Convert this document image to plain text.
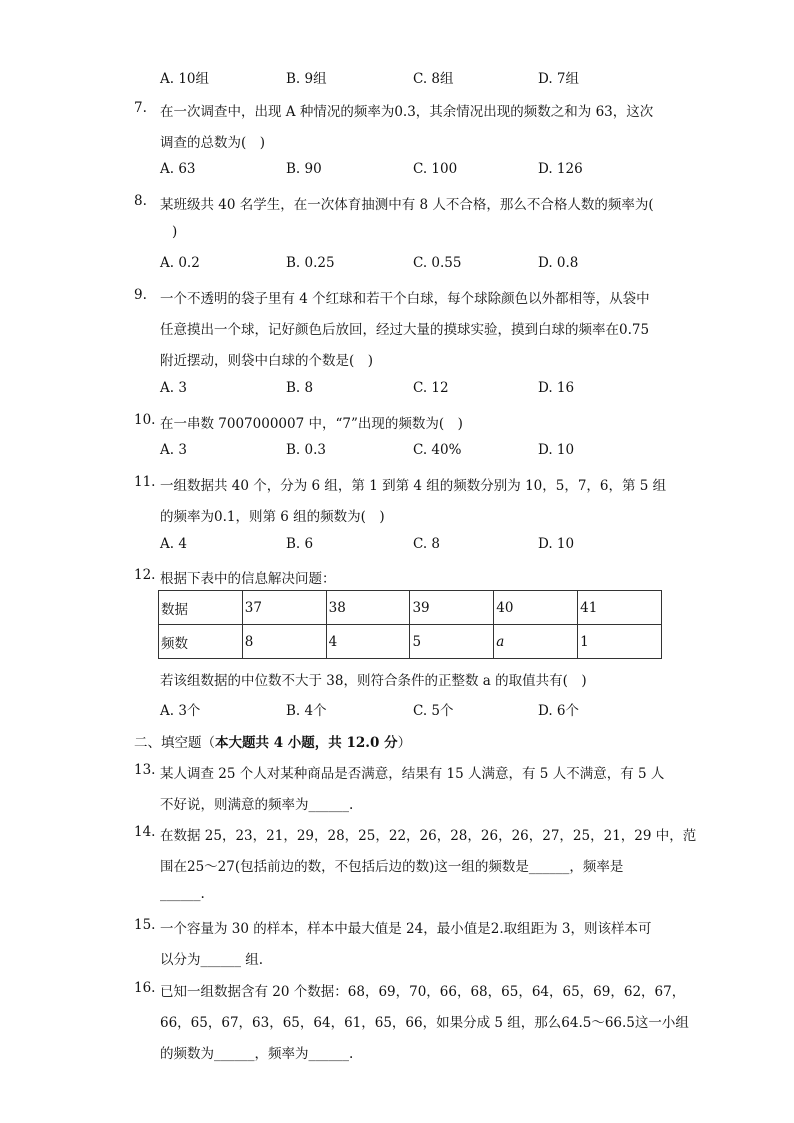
A. 10组	B. 9组	C. 8组	D. 7组
7. 在一次调查中，出现 A 种情况的频率为0.3，其余情况出现的频数之和为 63，这次
调查的总数为(　)
A. 63	B. 90	C. 100	D. 126
8. 某班级共 40 名学生，在一次体育抽测中有 8 人不合格，那么不合格人数的频率为(
)
A. 0.2	B. 0.25	C. 0.55	D. 0.8
9. 一个不透明的袋子里有 4 个红球和若干个白球，每个球除颜色以外都相等，从袋中
任意摸出一个球，记好颜色后放回，经过大量的摸球实验，摸到白球的频率在0.75
附近摆动，则袋中白球的个数是(　)
A. 3	B. 8	C. 12	D. 16
10. 在一串数 7007000007 中，“7”出现的频数为(　)
A. 3	B. 0.3	C. 40%	D. 10
11. 一组数据共 40 个，分为 6 组，第 1 到第 4 组的频数分别为 10，5，7，6，第 5 组
的频率为0.1，则第 6 组的频数为(　)
A. 4	B. 6	C. 8	D. 10
12. 根据下表中的信息解决问题：
数据	37	38	39	40	41
频数	8	4	5	a	1
若该组数据的中位数不大于 38，则符合条件的正整数 a 的取值共有(　)
A. 3个	B. 4个	C. 5个	D. 6个
二、填空题（本大题共 4 小题，共 12.0 分）
13. 某人调查 25 个人对某种商品是否满意，结果有 15 人满意，有 5 人不满意，有 5 人
不好说，则满意的频率为______.
14. 在数据 25，23，21，29，28，25，22，26，28，26，26，27，25，21，29 中，范
围在25～27(包括前边的数，不包括后边的数)这一组的频数是______，频率是
______.
15. 一个容量为 30 的样本，样本中最大值是 24，最小值是2.取组距为 3，则该样本可
以分为______ 组.
16. 已知一组数据含有 20 个数据：68，69，70，66，68，65，64，65，69，62，67，
66，65，67，63，65，64，61，65，66，如果分成 5 组，那么64.5～66.5这一小组
的频数为______，频率为______.
